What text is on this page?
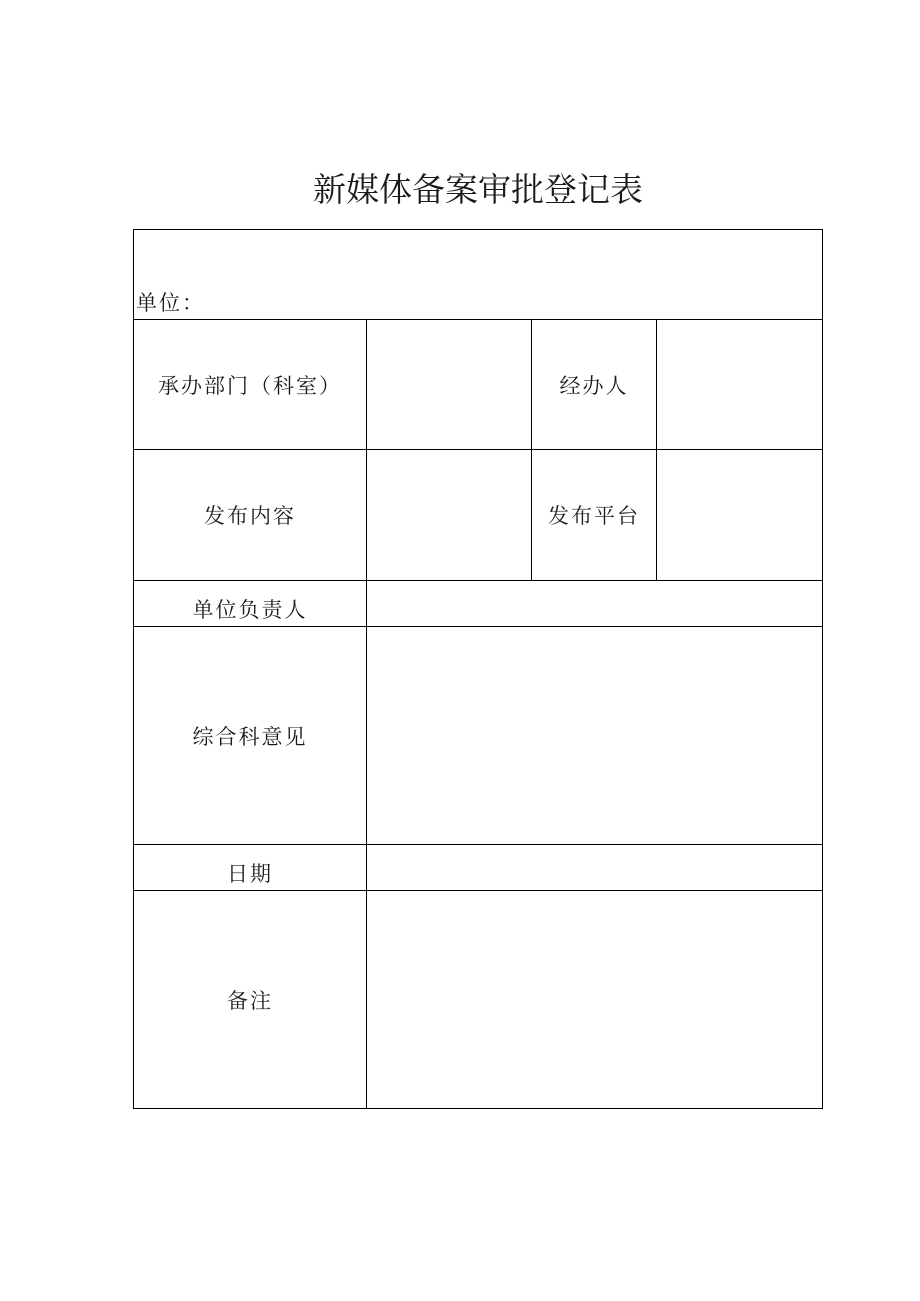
新媒体备案审批登记表
单位：			
承办部门（科室）		经办人	
发布内容		发布平台	
单位负责人			
综合科意见			
日期			
备注			
